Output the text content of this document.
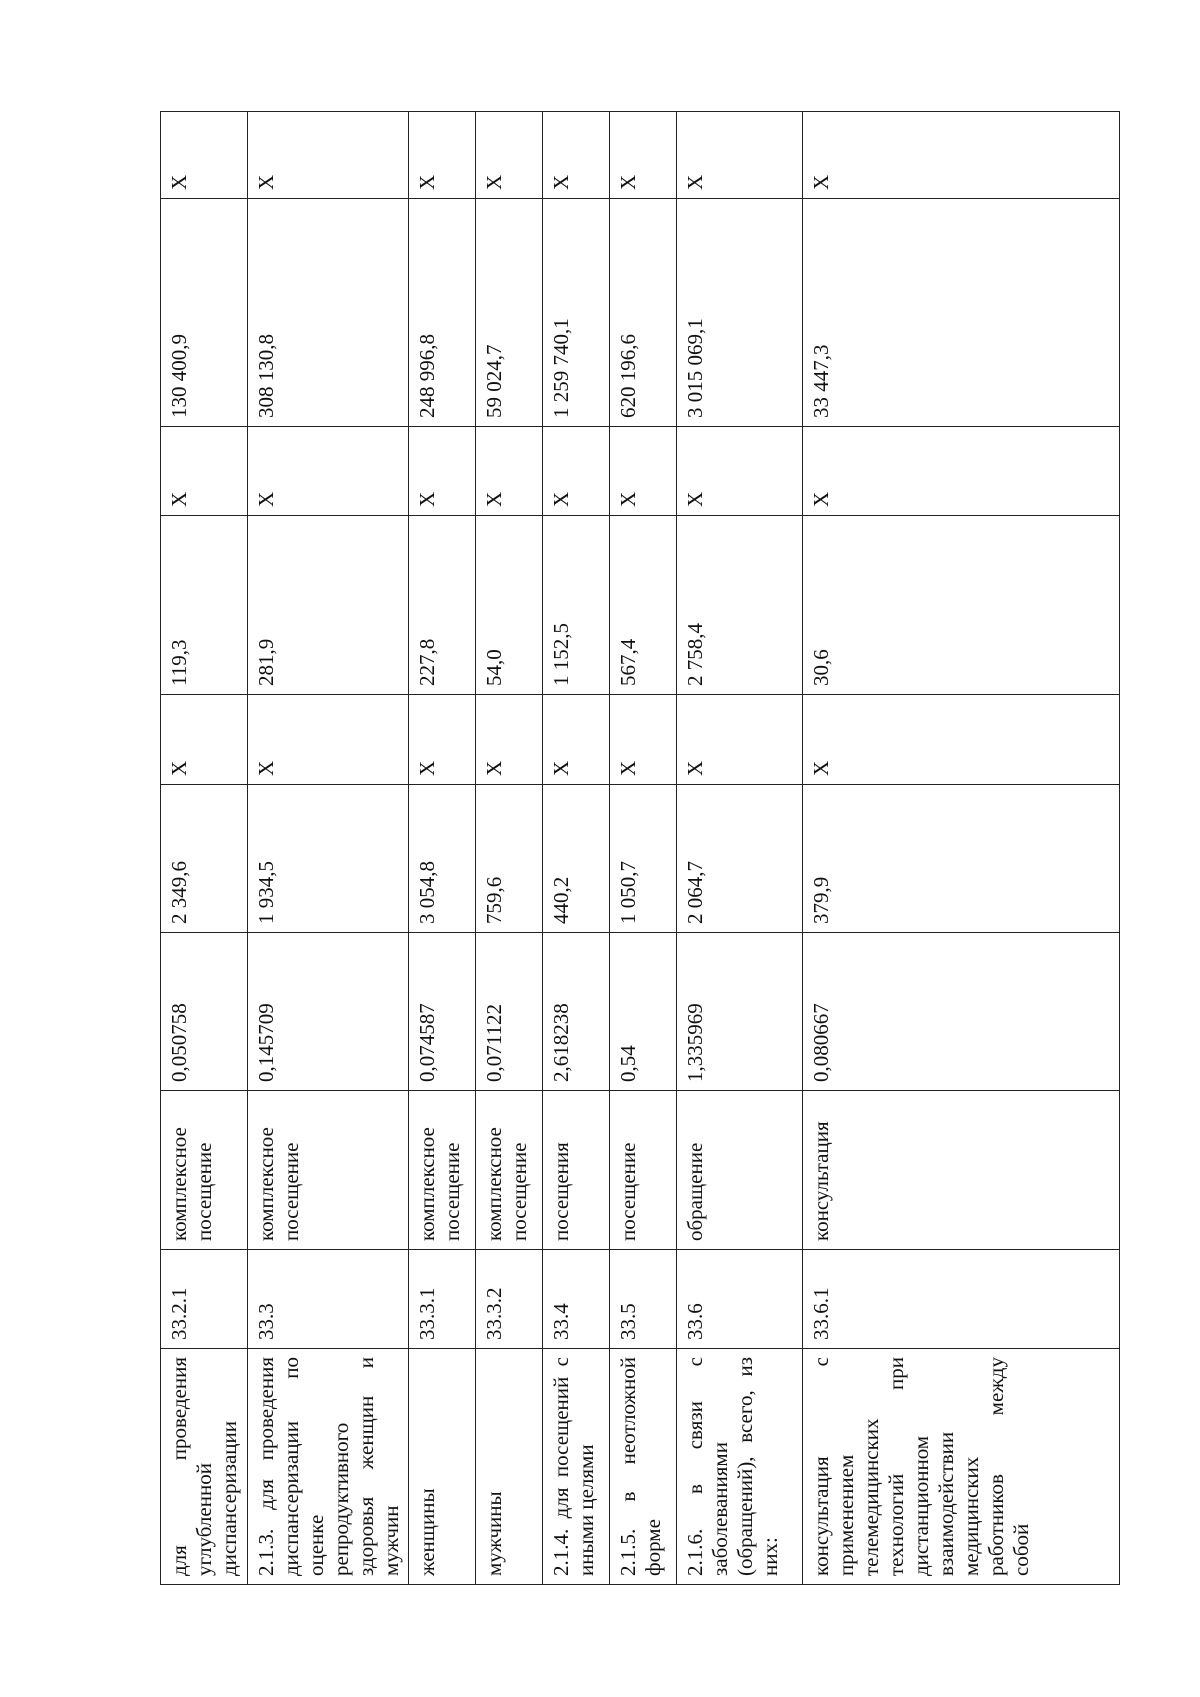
для проведения углубленной диспансеризации	33.2.1	комплексное посещение	0,050758	2 349,6	X	119,3	X	130 400,9	X
2.1.3. для проведения диспансеризации по оценке репродуктивного здоровья женщин и мужчин	33.3	комплексное посещение	0,145709	1 934,5	X	281,9	X	308 130,8	X
женщины	33.3.1	комплексное посещение	0,074587	3 054,8	X	227,8	X	248 996,8	X
мужчины	33.3.2	комплексное посещение	0,071122	759,6	X	54,0	X	59 024,7	X
2.1.4. для посещений с иными целями	33.4	посещения	2,618238	440,2	X	1 152,5	X	1 259 740,1	X
2.1.5. в неотложной форме	33.5	посещение	0,54	1 050,7	X	567,4	X	620 196,6	X
2.1.6. в связи с заболеваниями (обращений), всего, из них:	33.6	обращение	1,335969	2 064,7	X	2 758,4	X	3 015 069,1	X
консультация с применением телемедицинских технологий при дистанционном взаимодействии медицинских работников между собой	33.6.1	консультация	0,080667	379,9	X	30,6	X	33 447,3	X
